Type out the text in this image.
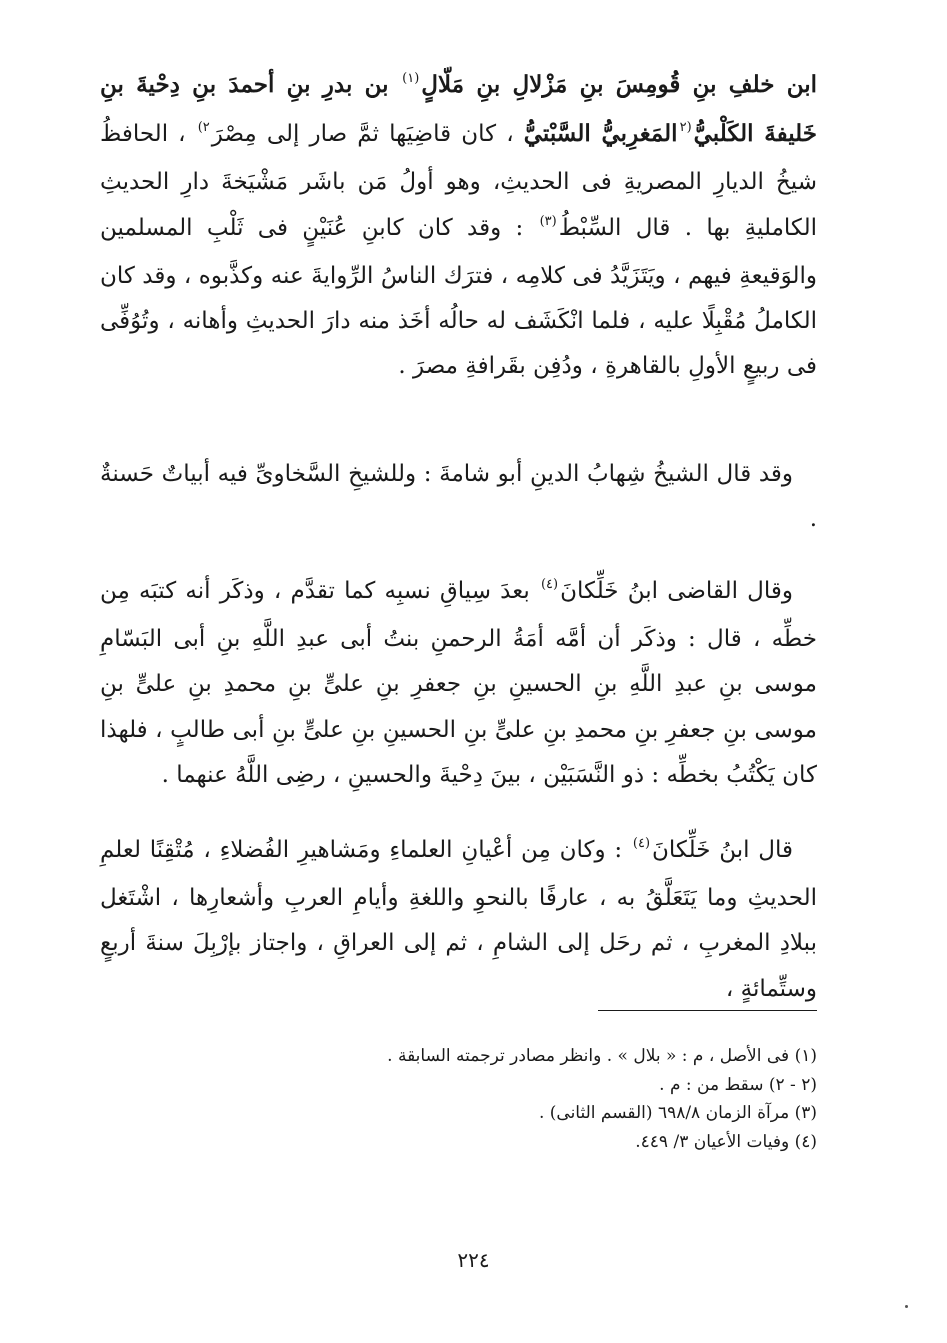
ابن خلفِ بنِ قُومِسَ بنِ مَزْلالِ بنِ مَلّالٍ$^{(١)}$ بن بدرِ بنِ أحمدَ بنِ دِحْيةَ بنِ خَليفةَ الكَلْبيُّ$^{(٢}$المَغرِبيُّ السَّبْتيُّ ، كان قاضِيَها ثمَّ صار إلى مِصْرَ$^{٢)}$ ، الحافظُ شيخُ الديارِ المصريةِ فى الحديثِ، وهو أولُ مَن باشَر مَشْيَخةَ دارِ الحديثِ الكامليةِ بها . قال السِّبْطُ$^{(٣)}$ : وقد كان كابنِ عُنَيْنٍ فى ثَلْبِ المسلمين والوَقيعةِ فيهم ، ويَتَزَيَّدُ فى كلامِه ، فترَك الناسُ الرِّوايةَ عنه وكذَّبوه ، وقد كان الكاملُ مُقْبِلًا عليه ، فلما انْكَشَف له حالُه أخَذ منه دارَ الحديثِ وأهانه ، وتُوُفِّى فى ربيعٍ الأولِ بالقاهرةِ ، ودُفِن بقَرافةِ مصرَ .
وقد قال الشيخُ شِهابُ الدينِ أبو شامةَ : وللشيخِ السَّخاوىِّ فيه أبياتٌ حَسنةٌ .
وقال القاضى ابنُ خَلِّكانَ$^{(٤)}$ بعدَ سِياقِ نسبِه كما تقدَّم ، وذكَر أنه كتبَه مِن خطِّه ، قال : وذكَر أن أمَّه أمَةُ الرحمنِ بنتُ أبى عبدِ اللَّهِ بنِ أبى البَسّامِ موسى بنِ عبدِ اللَّهِ بنِ الحسينِ بنِ جعفرِ بنِ علىٍّ بنِ محمدِ بنِ علىٍّ بنِ موسى بنِ جعفرِ بنِ محمدِ بنِ علىٍّ بنِ الحسينِ بنِ علىٍّ بنِ أبى طالبٍ ، فلهذا كان يَكْتُبُ بخطِّه : ذو النَّسَبَيْن ، بينَ دِحْيةَ والحسينِ ، رضِى اللَّهُ عنهما .
قال ابنُ خَلِّكانَ$^{(٤)}$ : وكان مِن أعْيانِ العلماءِ ومَشاهيرِ الفُضلاءِ ، مُتْقِنًا لعلمِ الحديثِ وما يَتَعَلَّقُ به ، عارفًا بالنحوِ واللغةِ وأيامِ العربِ وأشعارِها ، اشْتَغل ببلادِ المغربِ ، ثم رحَل إلى الشامِ ، ثم إلى العراقِ ، واجتاز بإرْبِلَ سنةَ أربعٍ وستِّمائةٍ ،
(١) فى الأصل ، م : « بلال » . وانظر مصادر ترجمته السابقة .
(٢ - ٢) سقط من : م .
(٣) مرآة الزمان ٦٩٨/٨ (القسم الثانى) .
(٤) وفيات الأعيان ٣/ ٤٤٩.
٢٢٤
